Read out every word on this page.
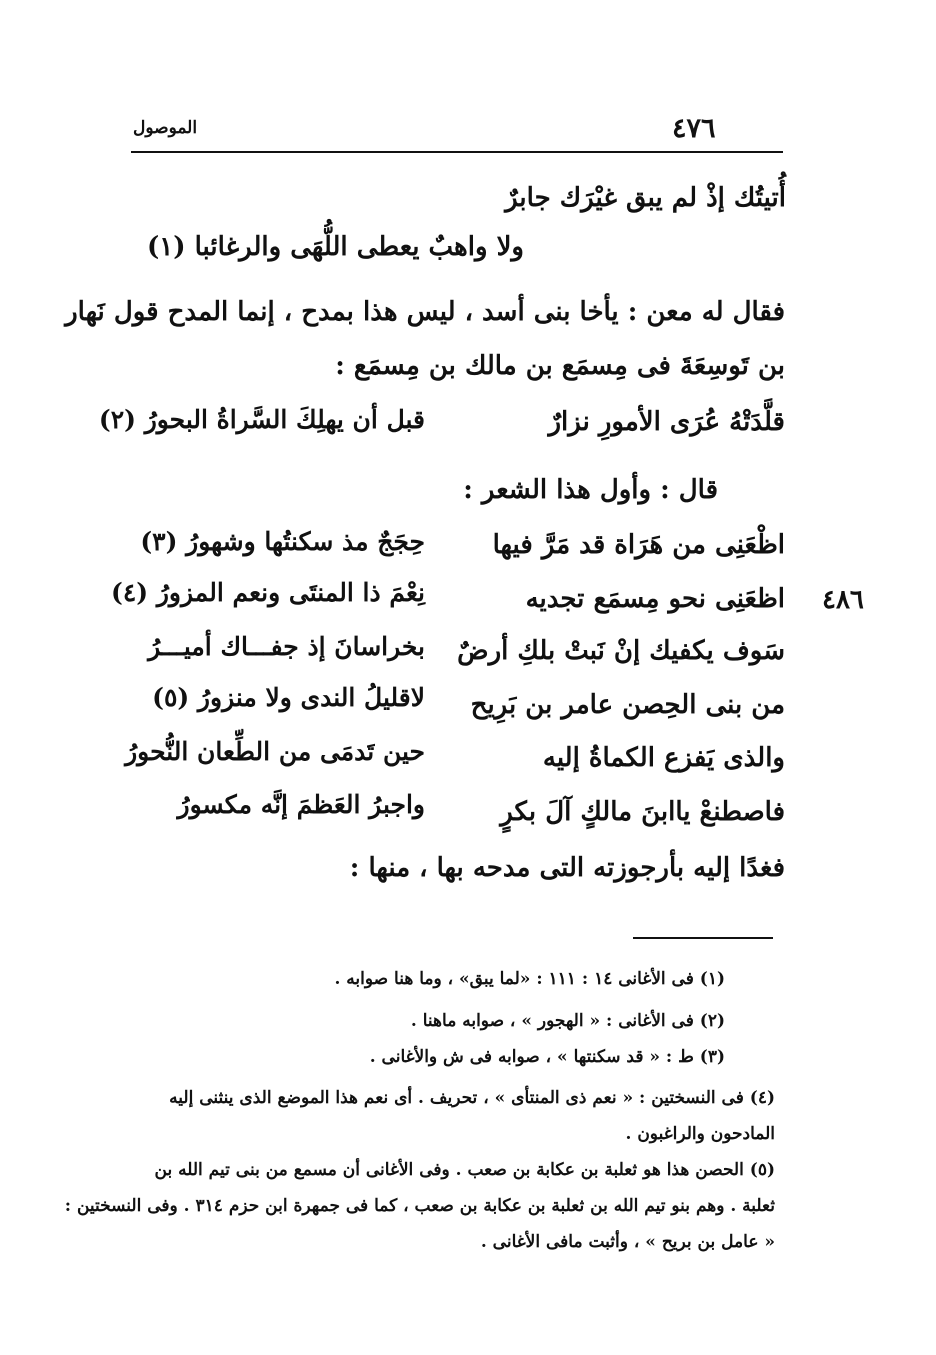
الموصول	٤٧٦
أُتيتُك إذْ لم يبق غيْرَك جابرٌ
ولا واهبٌ يعطى اللُّهَى والرغائبا (١)
فقال له معن : يأخا بنى أسد ، ليس هذا بمدح ، إنما المدح قول نَهار
بن تَوسِعَةَ فى مِسمَع بن مالك بن مِسمَع :
قلَّدَتْهُ عُرَى الأمورِ نزارٌ
قبل أن يهلِكَ السَّراةُ البحورُ (٢)
قال : وأول هذا الشعر :
اظْعَنِى من هَرَاة قد مَرَّ فيها
حِجَجٌ مذ سكنتُها وشهورُ (٣)
اظعَنِى نحو مِسمَع تجديه
نِعْمَ ذا المنتَى ونعم المزورُ (٤)	٤٨٦
سَوف يكفيك إنْ نَبتْ بلكِ أرضٌ
بخراسانَ إذ جفـــاك أميـــرُ
من بنى الحِصن عامر بن بَرِيح
لاقليلُ الندى ولا منزورُ (٥)
والذى يَفزع الكماةُ إليه
حين تَدمَى من الطِّعان النُّحورُ
فاصطنعْ ياابنَ مالكٍ آلَ بكرٍ
واجبرُ العَظمَ إنَّه مكسورُ
فغدًا إليه بأرجوزته التى مدحه بها ، منها :
(١) فى الأغانى ١٤ : ١١١ : «لما يبق» ، وما هنا صوابه .
(٢) فى الأغانى : « الهجور » ، صوابه ماهنا .
(٣) ط : « قد سكنتها » ، صوابه فى ش والأغانى .
(٤) فى النسختين : « نعم ذى المنتأى » ، تحريف . أى نعم هذا الموضع الذى ينثنى إليه
المادحون والراغبون .
(٥) الحصن هذا هو ثعلبة بن عكابة بن صعب . وفى الأغانى أن مسمع من بنى تيم الله بن
ثعلبة . وهم بنو تيم الله بن ثعلبة بن عكابة بن صعب ، كما فى جمهرة ابن حزم ٣١٤ . وفى النسختين :
« عامل بن بريح » ، وأثبت مافى الأغانى .
